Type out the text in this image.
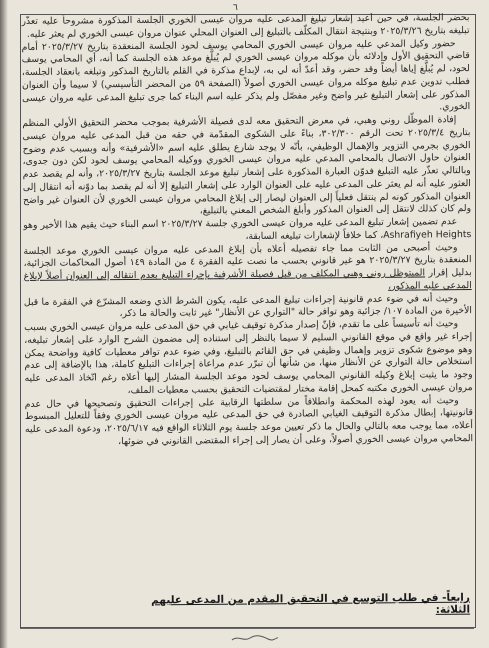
٦

بحضر الجلسة، في حين أعيد إشعار تبليغ المدعى عليه مروان عيسى الخوري الجلسة المذكورة مشروحاً عليه تعذّر تبليغه بتاريخ ٢٠٢٥/٣/٢٦ وبنتيجة انتقال المكلّف بالتبليغ إلى العنوان المحلي عنوان مروان عيسى الخوري لم يعثر عليه.

حضور وكيل المدعي عليه مروان عيسى الخوري المحامي يوسف لحود الجلسة المنعقدة بتاريخ ٢٠٢٥/٣/٢٧ أمام قاضي التحقيق الأول وإدلائه بأن موكله مروان عيسى الخوري لم يُبلَّغ موعد هذه الجلسة كما أنه، أي المحامي يوسف لحود، لم يُبلَّغ إياها أيضاً وقد حضر، وقد أعدّ أنه لي به، لإبداع مذكرة في القلم بالتاريخ المذكور وتبلغه بانعقاد الجلسة، فطلب تدوين عدم تبليغ موكله مروان عيسى الخوري أصولاً (الصفحة ٥٩ من المحضر التأسيسي) لا سيما وأن العنوان المذكور على إشعار التبليغ غير واضح وغير مفصّل ولم يذكر عليه اسم البناء كما جرى تبليغ المدعى عليه مروان عيسى الخوري.

إفادة الموظّل روني وهبي، في معرض التحقيق معه لدى فصيلة الأشرفية بموجب محضر التحقيق الأولي المنظم بتاريخ ٢٠٢٥/٣/٤ تحت الرقم ٣٠٢/٣٠٠، بناءً على الشكوى المقدّمة في حقه من قبل المدعى عليه مروان عيسى الخوري بجرمي التزوير والإهمال الوظيفي، بأنّه لا يوجد شارع يطلق عليه اسم «الأشرفية» وأنه وبسبب عدم وضوح العنوان حاول الاتصال بالمحامي المدعي عليه مروان عيسى الخوري ووكيله المحامي يوسف لحود لكن دون جدوى، وبالتالي تعذّر عليه التبليغ فدوّن العبارة المذكورة على إشعار تبليغ موعد الجلسة بتاريخ ٢٠٢٥/٣/٢٧، وأنه لم يقصد عدم العثور عليه أنه لم يعثر على المدعى عليه على العنوان الوارد على إشعار التبليغ إلا أنه لم يقصد بما دوّنه أنه انتقال إلى العنوان المذكور كونه لم ينتقل فعلياً إلى العنوان ليصار إلى إبلاغ المحامي مروان عيسى الخوري لأن العنوان غير واضح ولم كان كذلك لانتقل إلى العنوان المذكور وأبلغ الشخص المعني بالتبليغ،

عدم تضمين إشعار تبليغ المدعى عليه مروان عيسى الخوري جلسة ٢٠٢٥/٣/٢٧ اسم البناء حيث يقيم هذا الأخير وهو Ashrafiyeh Heights، كما خلافاً لإشعارات تبليغه السابقة،

وحيث أصبحى من الثابت مما جاء تفصيله أعلاه بأن إبلاغ المدعى عليه مروان عيسى الخوري موعد الجلسة المنعقدة بتاريخ ٢٠٢٥/٣/٢٧ هو غير قانوني بحسب ما نصت عليه الفقرة ٤ من المادة ١٤٩ أصول المحاكمات الجزائية، بدليل إقرار المبتوظل روني وهبي المكلف من قبل فصيلة الأشرفية بإجراء التبليغ بعدم انتقاله إلى العنوان أصلاً لإبلاغ المدعى عليه المذكور،

وحيث أنه في ضوء عدم قانونية إجراءات تبليغ المدعى عليه، يكون الشرط الذي وضعه المشرّع في الفقرة ما قبل الأخيرة من المادة ١٠٧/ جزائية وهو توافر حالة "التواري عن الأنظار" غير ثابت والحالة ما ذكر،

وحيث أنه تأسيساً على ما تقدم، فإنّ إصدار مذكرة توقيف غيابي في حق المدعى عليه مروان عيسى الخوري بسبب إجراء غير واقع في موقع القانوني السليم لا سيما بالنظر إلى استناده إلى مضمون الشرح الوارد على إشعار تبليغه، وهو موضوع شكوى تزوير وإهمال وظيفي في حق القائم بالتبليغ، وفي ضوء عدم توافر معطيات كافية وواضحة يمكن استخلاص حالة التواري عن الأنظار منها، من شأنها أن تبرّر عدم مراعاة إجراءات التبليغ كاملة، هذا بالإضافة إلى عدم وجود ما يثبت إبلاغ وكيله القانوني المحامي يوسف لحود موعد الجلسة المشار إليها أعلاه رغم اتّخاذ المدعى عليه مروان عيسى الخوري مكتبه كمحل إقامة مختار لمقتضيات التحقيق بحسب معطيات الملف،

وحيث أنه يعود لهذه المحكمة وانطلاقاً من سلطتها الرقابية على إجراءات التحقيق وتصحيحها في حال عدم قانونيتها، إبطال مذكرة التوقيف الغيابي الصادرة في حق المدعى عليه مروان عيسى الخوري وفقاً للتعليل المبسوط أعلاه، مما يوجب معه بالتالي والحال ما ذكر تعيين موعد جلسة يوم الثلاثاء الواقع فيه ٢٠٢٥/٦/١٧، ودعوة المدعى عليه المحامي مروان عيسى الخوري أصولاً، وعلى أن يصار إلى إجراء المقتضى القانوني في ضوئها،

رابعاً- في طلب التوسع في التحقيق المقدم من المدعى عليهم الثلاثة:
